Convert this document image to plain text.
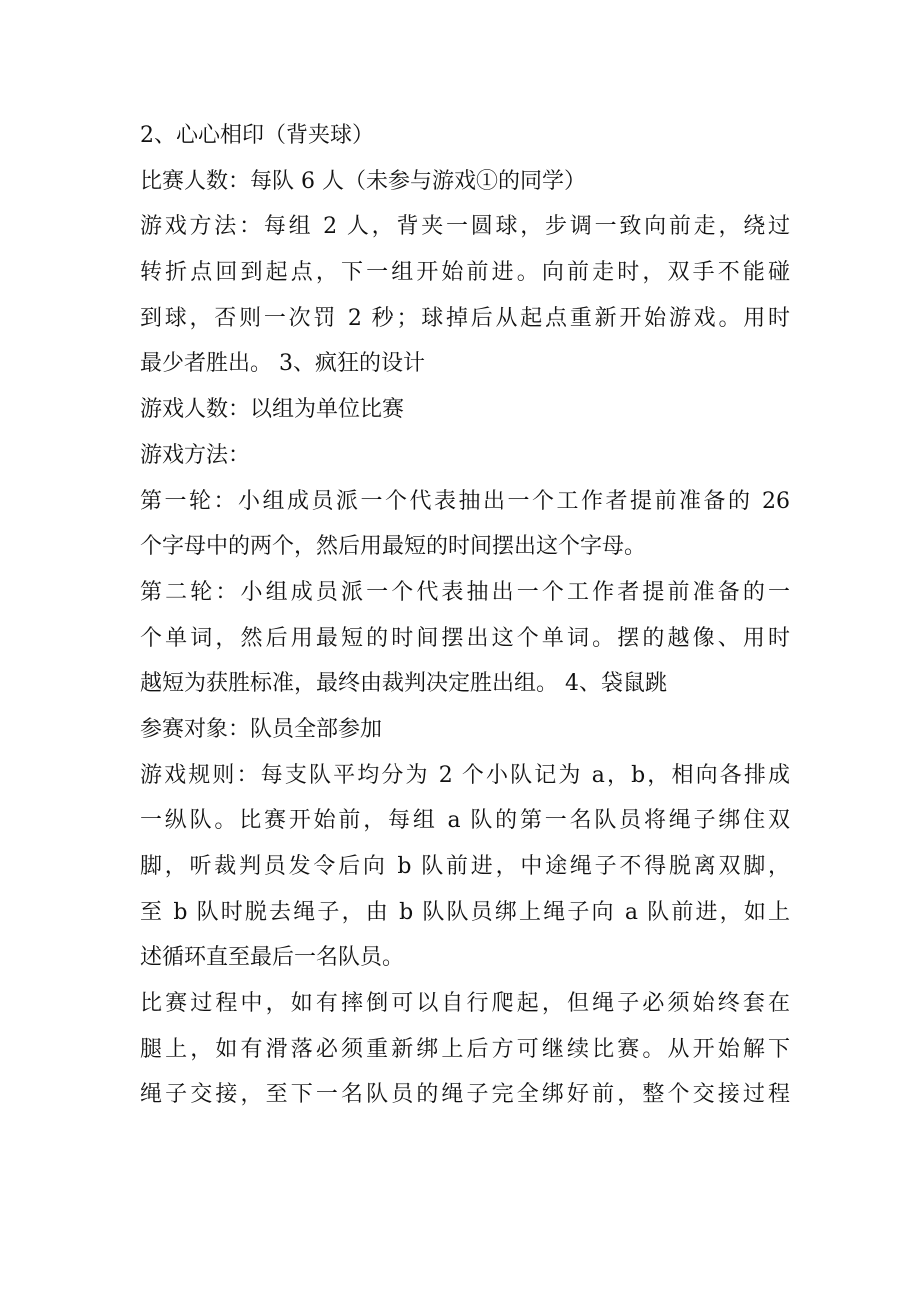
2、心心相印（背夹球）
比赛人数：每队 6 人（未参与游戏①的同学）
游戏方法：每组 2 人，背夹一圆球，步调一致向前走，绕过
转折点回到起点，下一组开始前进。向前走时，双手不能碰
到球，否则一次罚 2 秒；球掉后从起点重新开始游戏。用时
最少者胜出。 3、疯狂的设计
游戏人数：以组为单位比赛
游戏方法：
第一轮：小组成员派一个代表抽出一个工作者提前准备的 26
个字母中的两个，然后用最短的时间摆出这个字母。
第二轮：小组成员派一个代表抽出一个工作者提前准备的一
个单词，然后用最短的时间摆出这个单词。摆的越像、用时
越短为获胜标准，最终由裁判决定胜出组。 4、袋鼠跳
参赛对象：队员全部参加
游戏规则：每支队平均分为 2 个小队记为 a，b，相向各排成
一纵队。比赛开始前，每组 a 队的第一名队员将绳子绑住双
脚，听裁判员发令后向 b 队前进，中途绳子不得脱离双脚，
至 b 队时脱去绳子，由 b 队队员绑上绳子向 a 队前进，如上
述循环直至最后一名队员。
比赛过程中，如有摔倒可以自行爬起，但绳子必须始终套在
腿上，如有滑落必须重新绑上后方可继续比赛。从开始解下
绳子交接，至下一名队员的绳子完全绑好前，整个交接过程
